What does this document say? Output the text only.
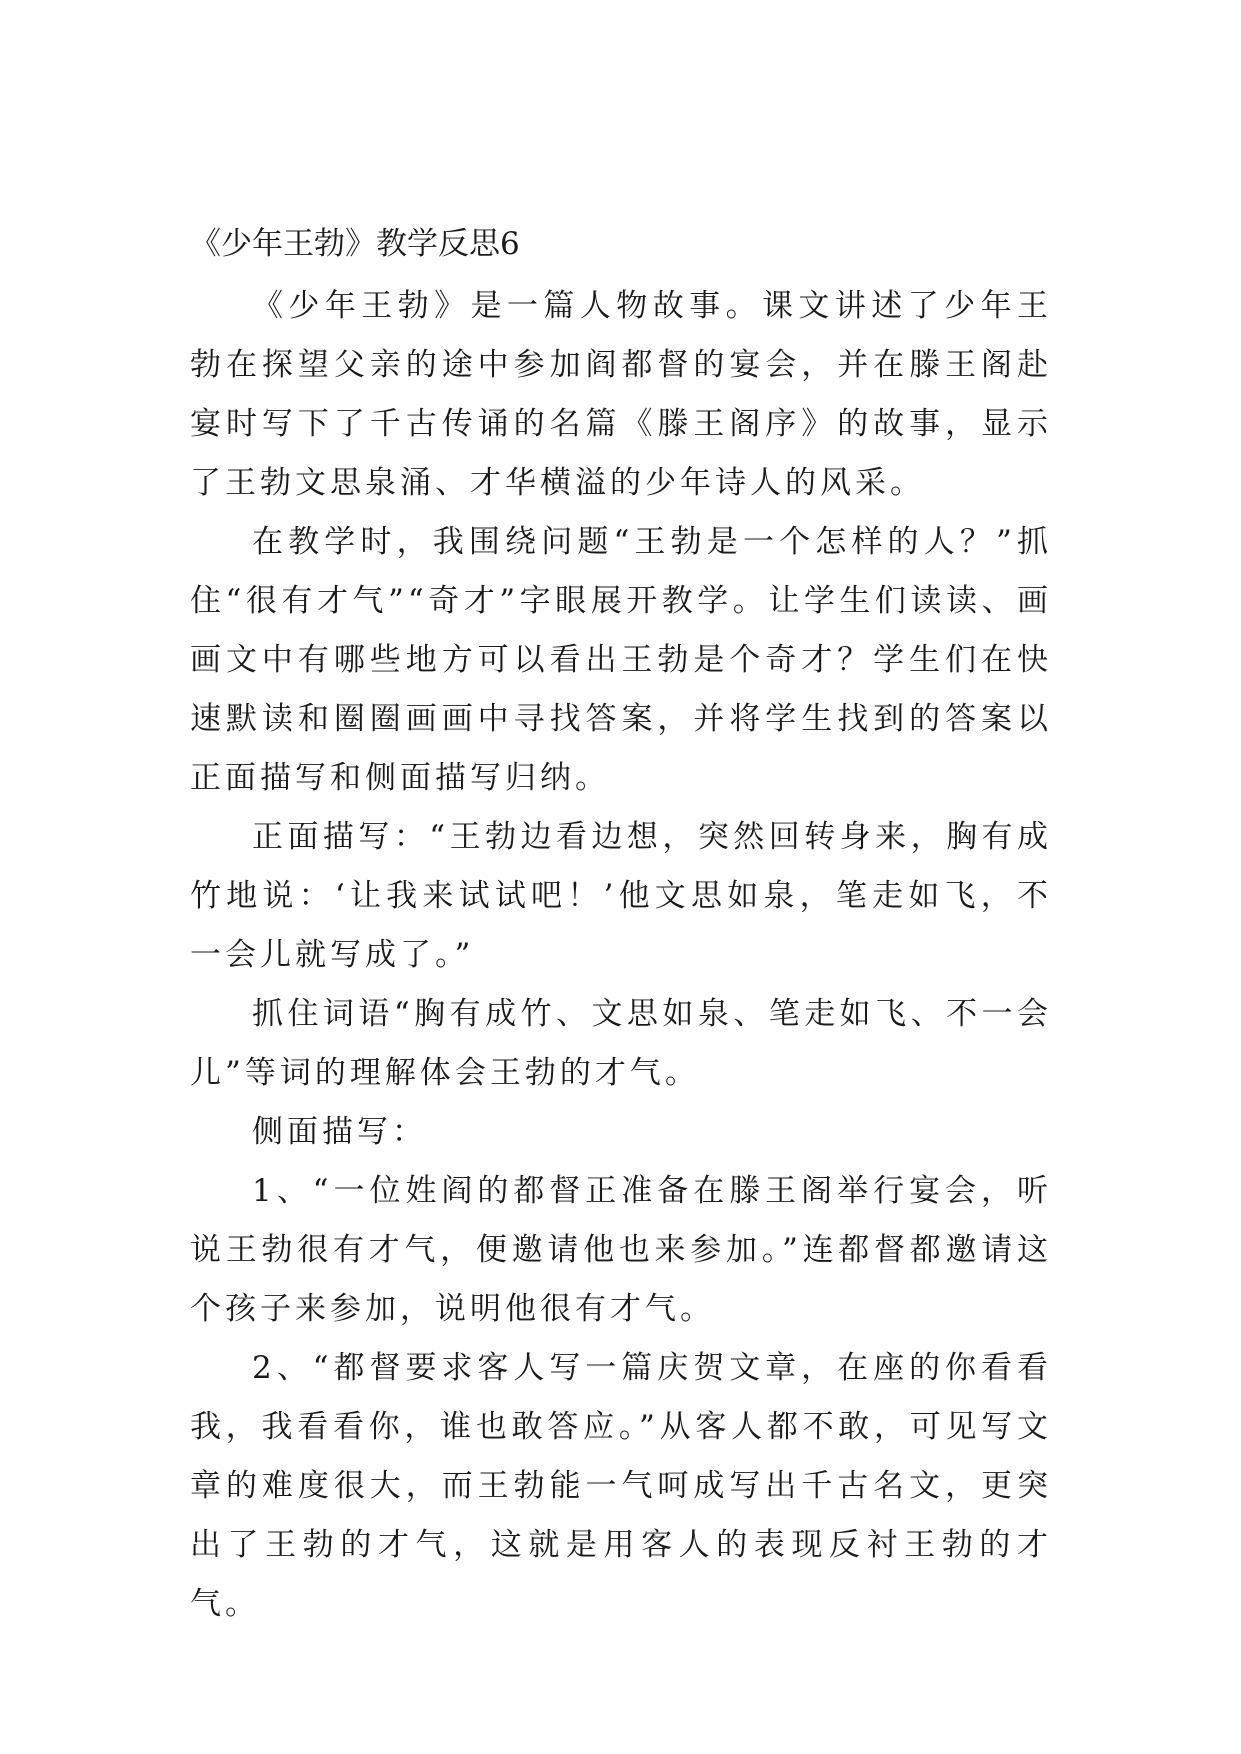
《少年王勃》教学反思6

《少年王勃》是一篇人物故事。课文讲述了少年王勃在探望父亲的途中参加阎都督的宴会，并在滕王阁赴宴时写下了千古传诵的名篇《滕王阁序》的故事，显示了王勃文思泉涌、才华横溢的少年诗人的风采。

在教学时，我围绕问题“王勃是一个怎样的人？”抓住“很有才气”“奇才”字眼展开教学。让学生们读读、画画文中有哪些地方可以看出王勃是个奇才？学生们在快速默读和圈圈画画中寻找答案，并将学生找到的答案以正面描写和侧面描写归纳。

正面描写：“王勃边看边想，突然回转身来，胸有成竹地说：‘让我来试试吧！’他文思如泉，笔走如飞，不一会儿就写成了。”

抓住词语“胸有成竹、文思如泉、笔走如飞、不一会儿”等词的理解体会王勃的才气。

侧面描写：

1、“一位姓阎的都督正准备在滕王阁举行宴会，听说王勃很有才气，便邀请他也来参加。”连都督都邀请这个孩子来参加，说明他很有才气。

2、“都督要求客人写一篇庆贺文章，在座的你看看我，我看看你，谁也敢答应。”从客人都不敢，可见写文章的难度很大，而王勃能一气呵成写出千古名文，更突出了王勃的才气，这就是用客人的表现反衬王勃的才气。
